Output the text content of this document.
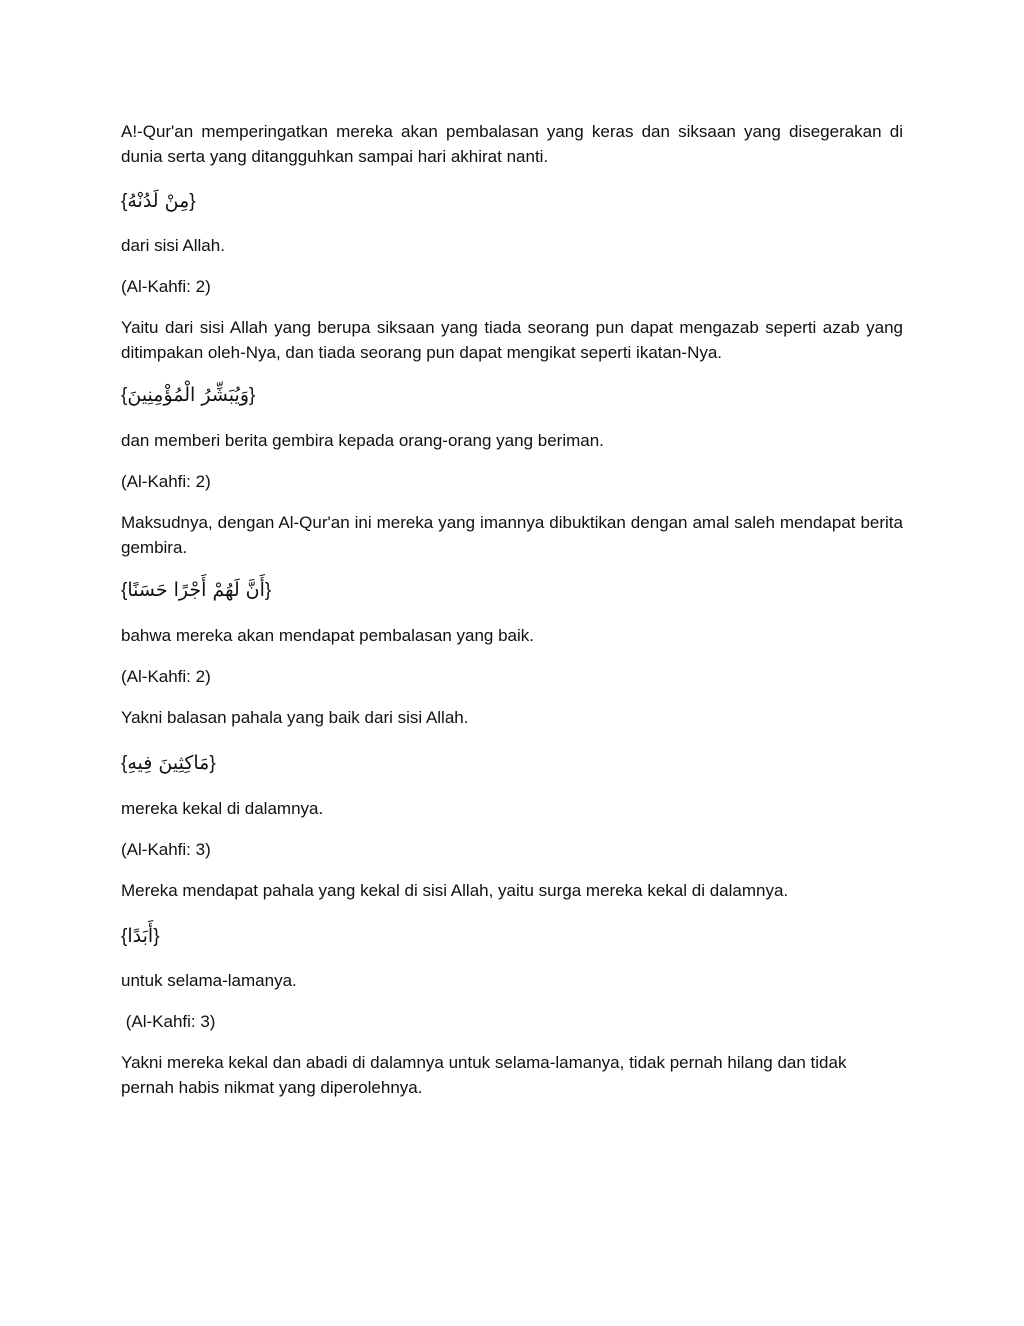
A!-Qur'an memperingatkan mereka akan pembalasan yang keras dan siksaan yang disegerakan di dunia serta yang ditangguhkan sampai hari akhirat nanti.

{مِنْ لَدُنْهُ}

dari sisi Allah.

(Al-Kahfi: 2)

Yaitu dari sisi Allah yang berupa siksaan yang tiada seorang pun dapat mengazab seperti azab yang ditimpakan oleh-Nya, dan tiada seorang pun dapat mengikat seperti ikatan-Nya.

{وَيُبَشِّرُ الْمُؤْمِنِينَ}

dan memberi berita gembira kepada orang-orang yang beriman.

(Al-Kahfi: 2)

Maksudnya, dengan Al-Qur'an ini mereka yang imannya dibuktikan dengan amal saleh mendapat berita gembira.

{أَنَّ لَهُمْ أَجْرًا حَسَنًا}

bahwa mereka akan mendapat pembalasan yang baik.

(Al-Kahfi: 2)

Yakni balasan pahala yang baik dari sisi Allah.

{مَاكِثِينَ فِيهِ}

mereka kekal di dalamnya.

(Al-Kahfi: 3)

Mereka mendapat pahala yang kekal di sisi Allah, yaitu surga mereka kekal di dalamnya.

{أَبَدًا}

untuk selama-lamanya.

(Al-Kahfi: 3)

Yakni mereka kekal dan abadi di dalamnya untuk selama-lamanya, tidak pernah hilang dan tidak pernah habis nikmat yang diperolehnya.
